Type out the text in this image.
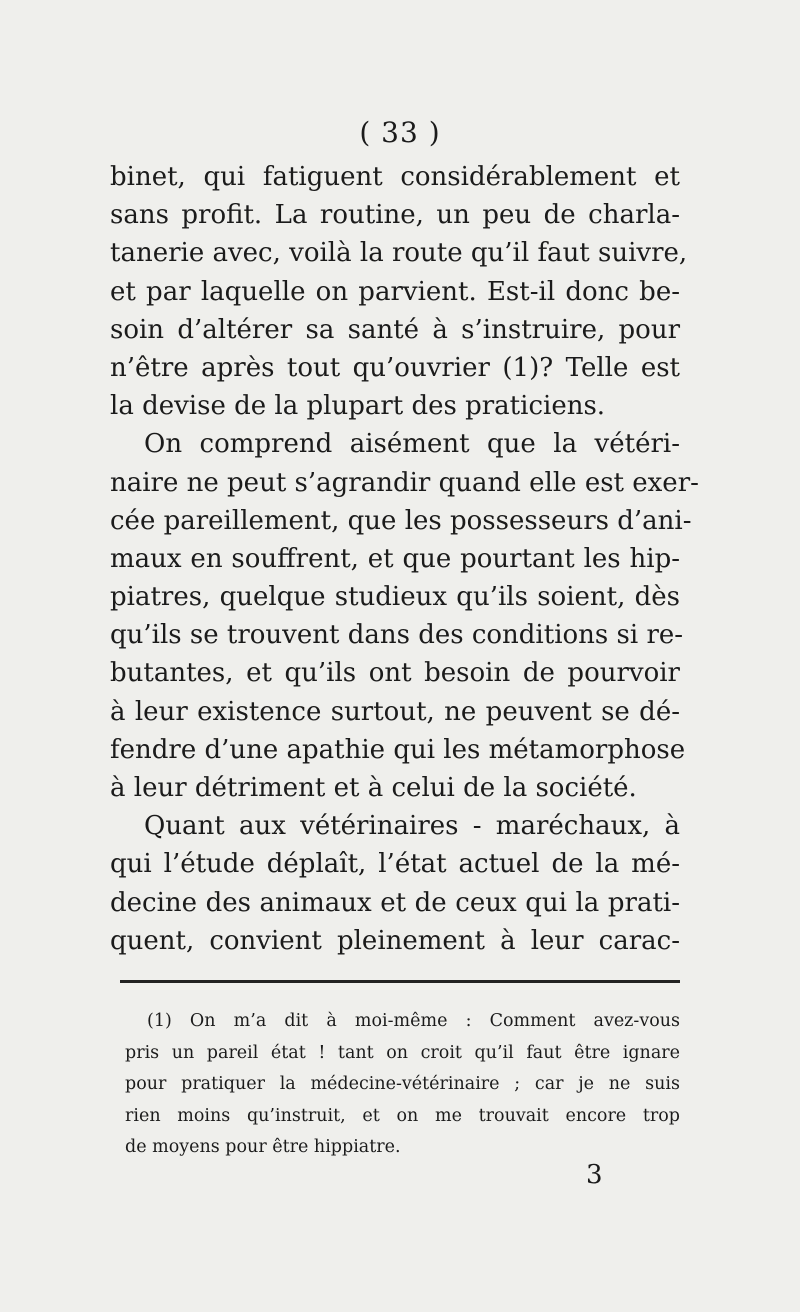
( 33 )
binet, qui fatiguent considérablement et
sans profit. La routine, un peu de charla-
tanerie avec, voilà la route qu’il faut suivre,
et par laquelle on parvient. Est-il donc be-
soin d’altérer sa santé à s’instruire, pour
n’être après tout qu’ouvrier (1)? Telle est
la devise de la plupart des praticiens.
On comprend aisément que la vétéri-
naire ne peut s’agrandir quand elle est exer-
cée pareillement, que les possesseurs d’ani-
maux en souffrent, et que pourtant les hip-
piatres, quelque studieux qu’ils soient, dès
qu’ils se trouvent dans des conditions si re-
butantes, et qu’ils ont besoin de pourvoir
à leur existence surtout, ne peuvent se dé-
fendre d’une apathie qui les métamorphose
à leur détriment et à celui de la société.
Quant aux vétérinaires - maréchaux, à
qui l’étude déplaît, l’état actuel de la mé-
decine des animaux et de ceux qui la prati-
quent, convient pleinement à leur carac-
(1) On m’a dit à moi-même : Comment avez-vous
pris un pareil état ! tant on croit qu’il faut être ignare
pour pratiquer la médecine-vétérinaire ; car je ne suis
rien moins qu’instruit, et on me trouvait encore trop
de moyens pour être hippiatre.
3
